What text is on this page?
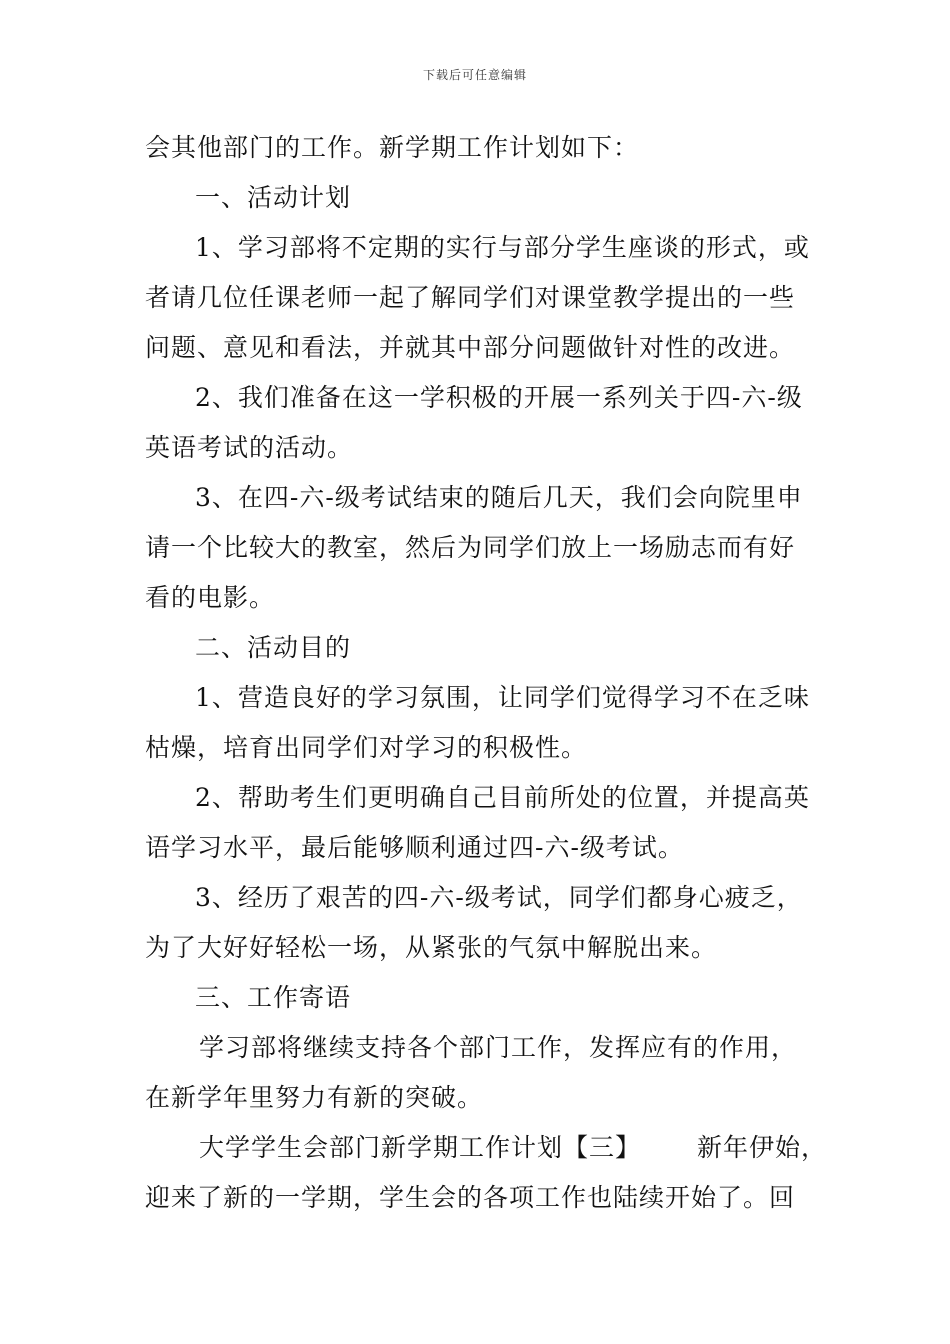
下载后可任意编辑
会其他部门的工作。新学期工作计划如下：
一、活动计划
1、学习部将不定期的实行与部分学生座谈的形式，或
者请几位任课老师一起了解同学们对课堂教学提出的一些
问题、意见和看法，并就其中部分问题做针对性的改进。
2、我们准备在这一学积极的开展一系列关于四-六-级
英语考试的活动。
3、在四-六-级考试结束的随后几天，我们会向院里申
请一个比较大的教室，然后为同学们放上一场励志而有好
看的电影。
二、活动目的
1、营造良好的学习氛围，让同学们觉得学习不在乏味
枯燥，培育出同学们对学习的积极性。
2、帮助考生们更明确自己目前所处的位置，并提高英
语学习水平，最后能够顺利通过四-六-级考试。
3、经历了艰苦的四-六-级考试，同学们都身心疲乏，
为了大好好轻松一场，从紧张的气氛中解脱出来。
三、工作寄语
学习部将继续支持各个部门工作，发挥应有的作用，
在新学年里努力有新的突破。
大学学生会部门新学期工作计划【三】 新年伊始，
迎来了新的一学期，学生会的各项工作也陆续开始了。回
